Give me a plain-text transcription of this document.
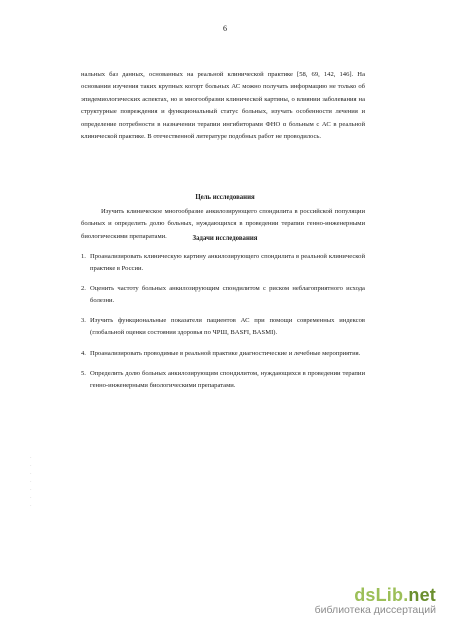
6

нальных баз данных, основанных на реальной клинической практике [58, 69, 142, 146]. На основании изучения таких крупных когорт больных АС можно получать информацию не только об эпидемиологических аспектах, но и многообразии клинической картины, о влиянии заболевания на структурные повреждения и функциональный статус больных, изучать особенности лечения и определение потребности в назначении терапии ингибиторами ФНО α больным с АС в реальной клинической практике. В отечественной литературе подобных работ не проводилось.

Цель исследования

Изучить клиническое многообразие анкилозирующего спондилита в российской популяции больных и определить долю больных, нуждающихся в проведении терапии генно-инженерными биологическими препаратами.	Задачи исследования
1. Проанализировать клиническую картину анкилозирующего спондилита в реальной клинической практике в России.
2. Оценить частоту больных анкилозирующим спондилитом с риском неблагоприятного исхода болезни.
3. Изучить функциональные показатели пациентов АС при помощи современных индексов (глобальной оценки состояния здоровья по ЧРШ, BASFI, BASMI).
4. Проанализировать проводимые в реальной практике диагностические и лечебные мероприятия.
5. Определить долю больных анкилозирующим спондилитом, нуждающихся в проведении терапии генно-инженерными биологическими препаратами.
·
·
·
·
·
·
·
dsLib.net
библиотека диссертаций
